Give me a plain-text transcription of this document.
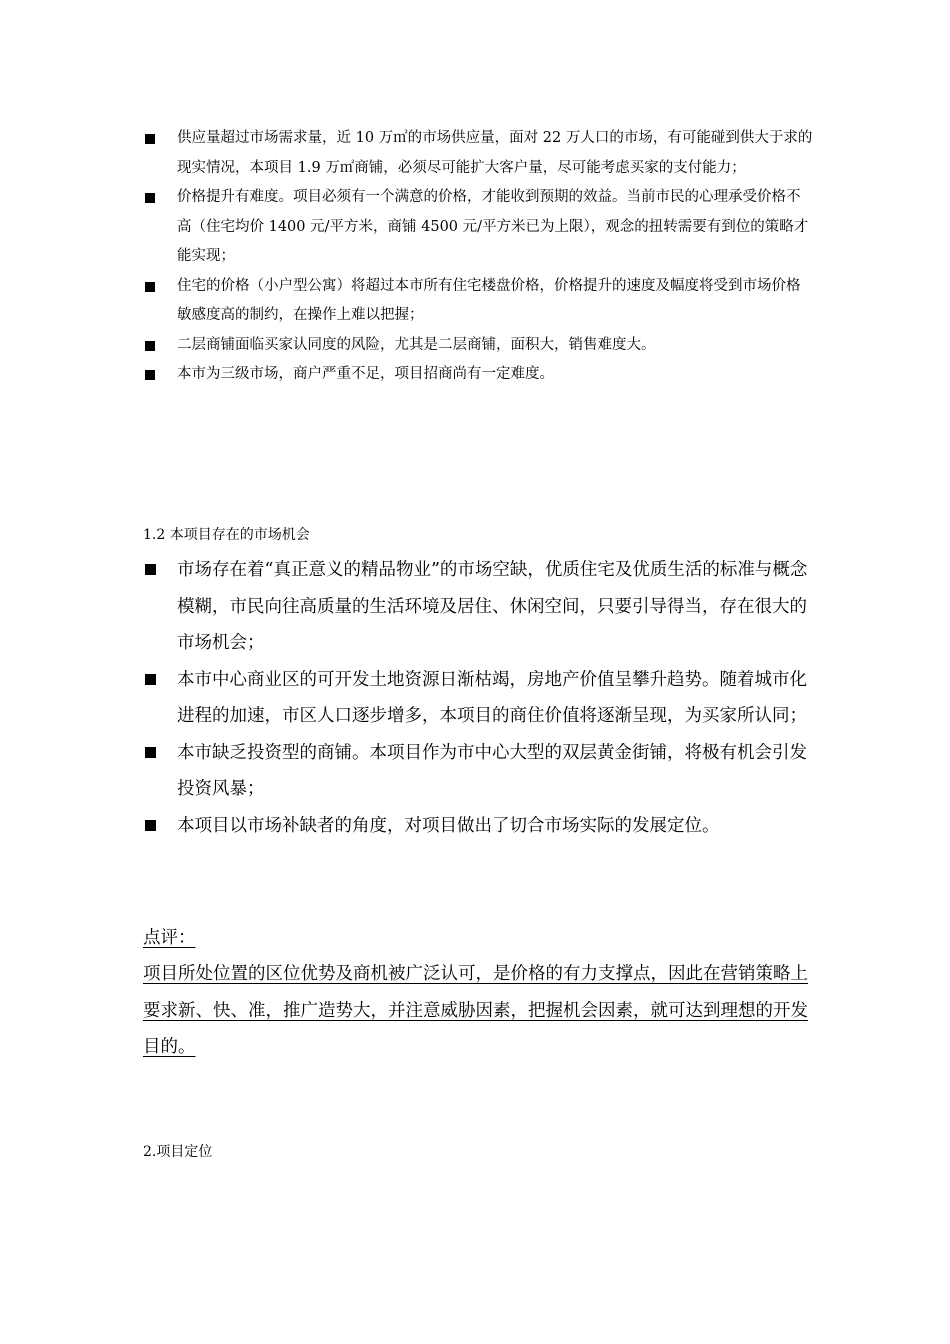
供应量超过市场需求量，近 10 万㎡的市场供应量，面对 22 万人口的市场，有可能碰到供大于求的现实情况，本项目 1.9 万㎡商铺，必须尽可能扩大客户量，尽可能考虑买家的支付能力；
价格提升有难度。项目必须有一个满意的价格，才能收到预期的效益。当前市民的心理承受价格不高（住宅均价 1400 元/平方米，商铺 4500 元/平方米已为上限），观念的扭转需要有到位的策略才能实现；
住宅的价格（小户型公寓）将超过本市所有住宅楼盘价格，价格提升的速度及幅度将受到市场价格敏感度高的制约，在操作上难以把握；
二层商铺面临买家认同度的风险，尤其是二层商铺，面积大，销售难度大。
本市为三级市场，商户严重不足，项目招商尚有一定难度。
1.2 本项目存在的市场机会
市场存在着“真正意义的精品物业”的市场空缺，优质住宅及优质生活的标准与概念模糊，市民向往高质量的生活环境及居住、休闲空间，只要引导得当，存在很大的市场机会；
本市中心商业区的可开发土地资源日渐枯竭，房地产价值呈攀升趋势。随着城市化进程的加速，市区人口逐步增多，本项目的商住价值将逐渐呈现，为买家所认同；
本市缺乏投资型的商铺。本项目作为市中心大型的双层黄金街铺，将极有机会引发投资风暴；
本项目以市场补缺者的角度，对项目做出了切合市场实际的发展定位。
点评：
项目所处位置的区位优势及商机被广泛认可，是价格的有力支撑点，因此在营销策略上要求新、快、准，推广造势大，并注意威胁因素，把握机会因素，就可达到理想的开发目的。
2.项目定位
